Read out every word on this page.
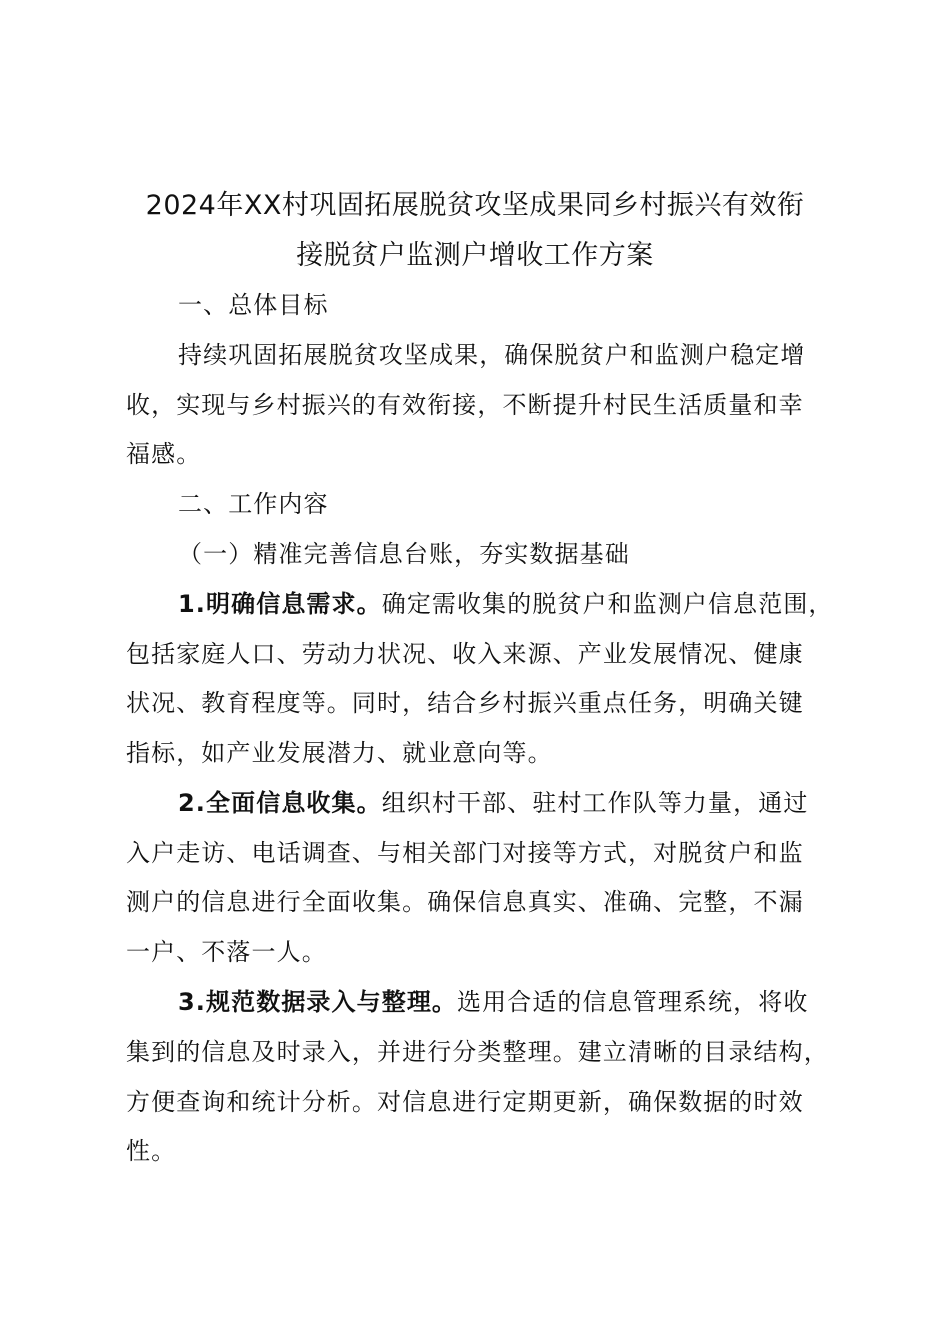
2024年XX村巩固拓展脱贫攻坚成果同乡村振兴有效衔
接脱贫户监测户增收工作方案
一、总体目标
持续巩固拓展脱贫攻坚成果，确保脱贫户和监测户稳定增
收，实现与乡村振兴的有效衔接，不断提升村民生活质量和幸
福感。
二、工作内容
（一）精准完善信息台账，夯实数据基础
1.明确信息需求。确定需收集的脱贫户和监测户信息范围，
包括家庭人口、劳动力状况、收入来源、产业发展情况、健康
状况、教育程度等。同时，结合乡村振兴重点任务，明确关键
指标，如产业发展潜力、就业意向等。
2.全面信息收集。组织村干部、驻村工作队等力量，通过
入户走访、电话调查、与相关部门对接等方式，对脱贫户和监
测户的信息进行全面收集。确保信息真实、准确、完整，不漏
一户、不落一人。
3.规范数据录入与整理。选用合适的信息管理系统，将收
集到的信息及时录入，并进行分类整理。建立清晰的目录结构，
方便查询和统计分析。对信息进行定期更新，确保数据的时效
性。
